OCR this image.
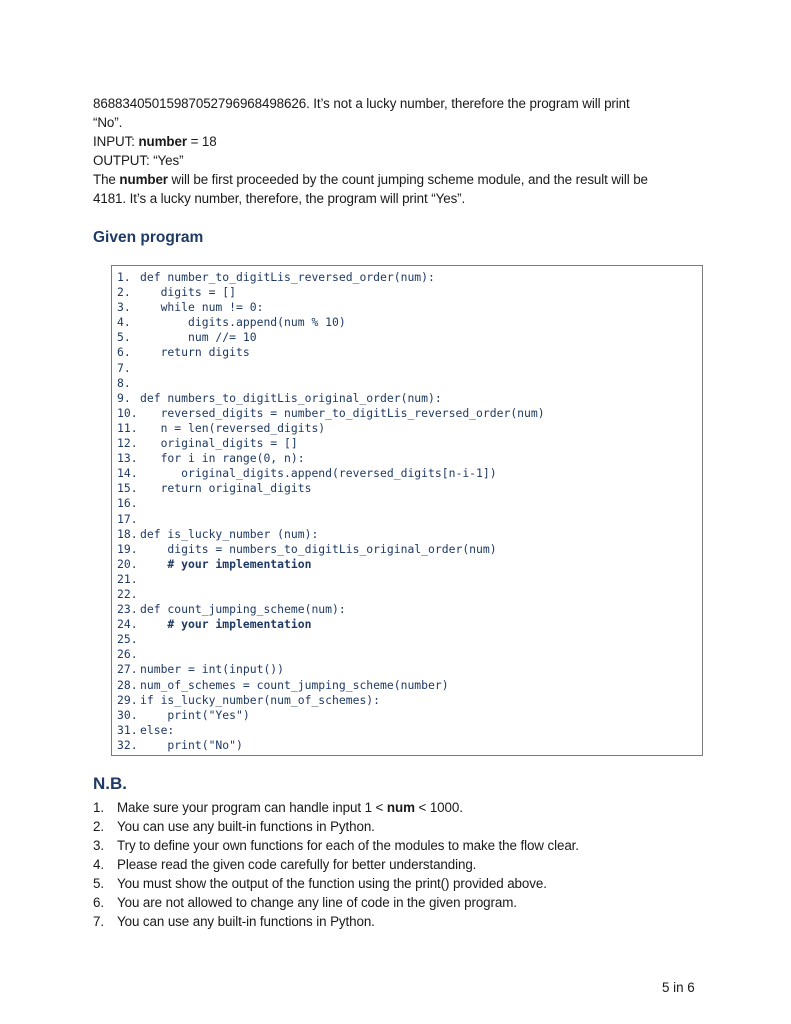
868834050159870527969684986​26. It’s not a lucky number, therefore the program will print

“No”.

INPUT: number = 18

OUTPUT: “Yes”

The number will be first proceeded by the count jumping scheme module, and the result will be

4181. It’s a lucky number, therefore, the program will print “Yes”.

Given program
1. def number_to_digitLis_reversed_order(num):
2.   digits = []
3.   while num != 0:
4.       digits.append(num % 10)
5.       num //= 10
6.   return digits
7.
8.
9. def numbers_to_digitLis_original_order(num):
10.   reversed_digits = number_to_digitLis_reversed_order(num)
11.   n = len(reversed_digits)
12.   original_digits = []
13.   for i in range(0, n):
14.      original_digits.append(reversed_digits[n-i-1])
15.   return original_digits
16.
17.
18. def is_lucky_number (num):
19.    digits = numbers_to_digitLis_original_order(num)
20.    # your implementation
21.
22.
23. def count_jumping_scheme(num):
24.    # your implementation
25.
26.
27. number = int(input())
28. num_of_schemes = count_jumping_scheme(number)
29. if is_lucky_number(num_of_schemes):
30.    print("Yes")
31. else:
32.    print("No")
N.B.
1. Make sure your program can handle input 1 < num < 1000.
2. You can use any built-in functions in Python.
3. Try to define your own functions for each of the modules to make the flow clear.
4. Please read the given code carefully for better understanding.
5. You must show the output of the function using the print() provided above.
6. You are not allowed to change any line of code in the given program.
7. You can use any built-in functions in Python.
5 in 6
